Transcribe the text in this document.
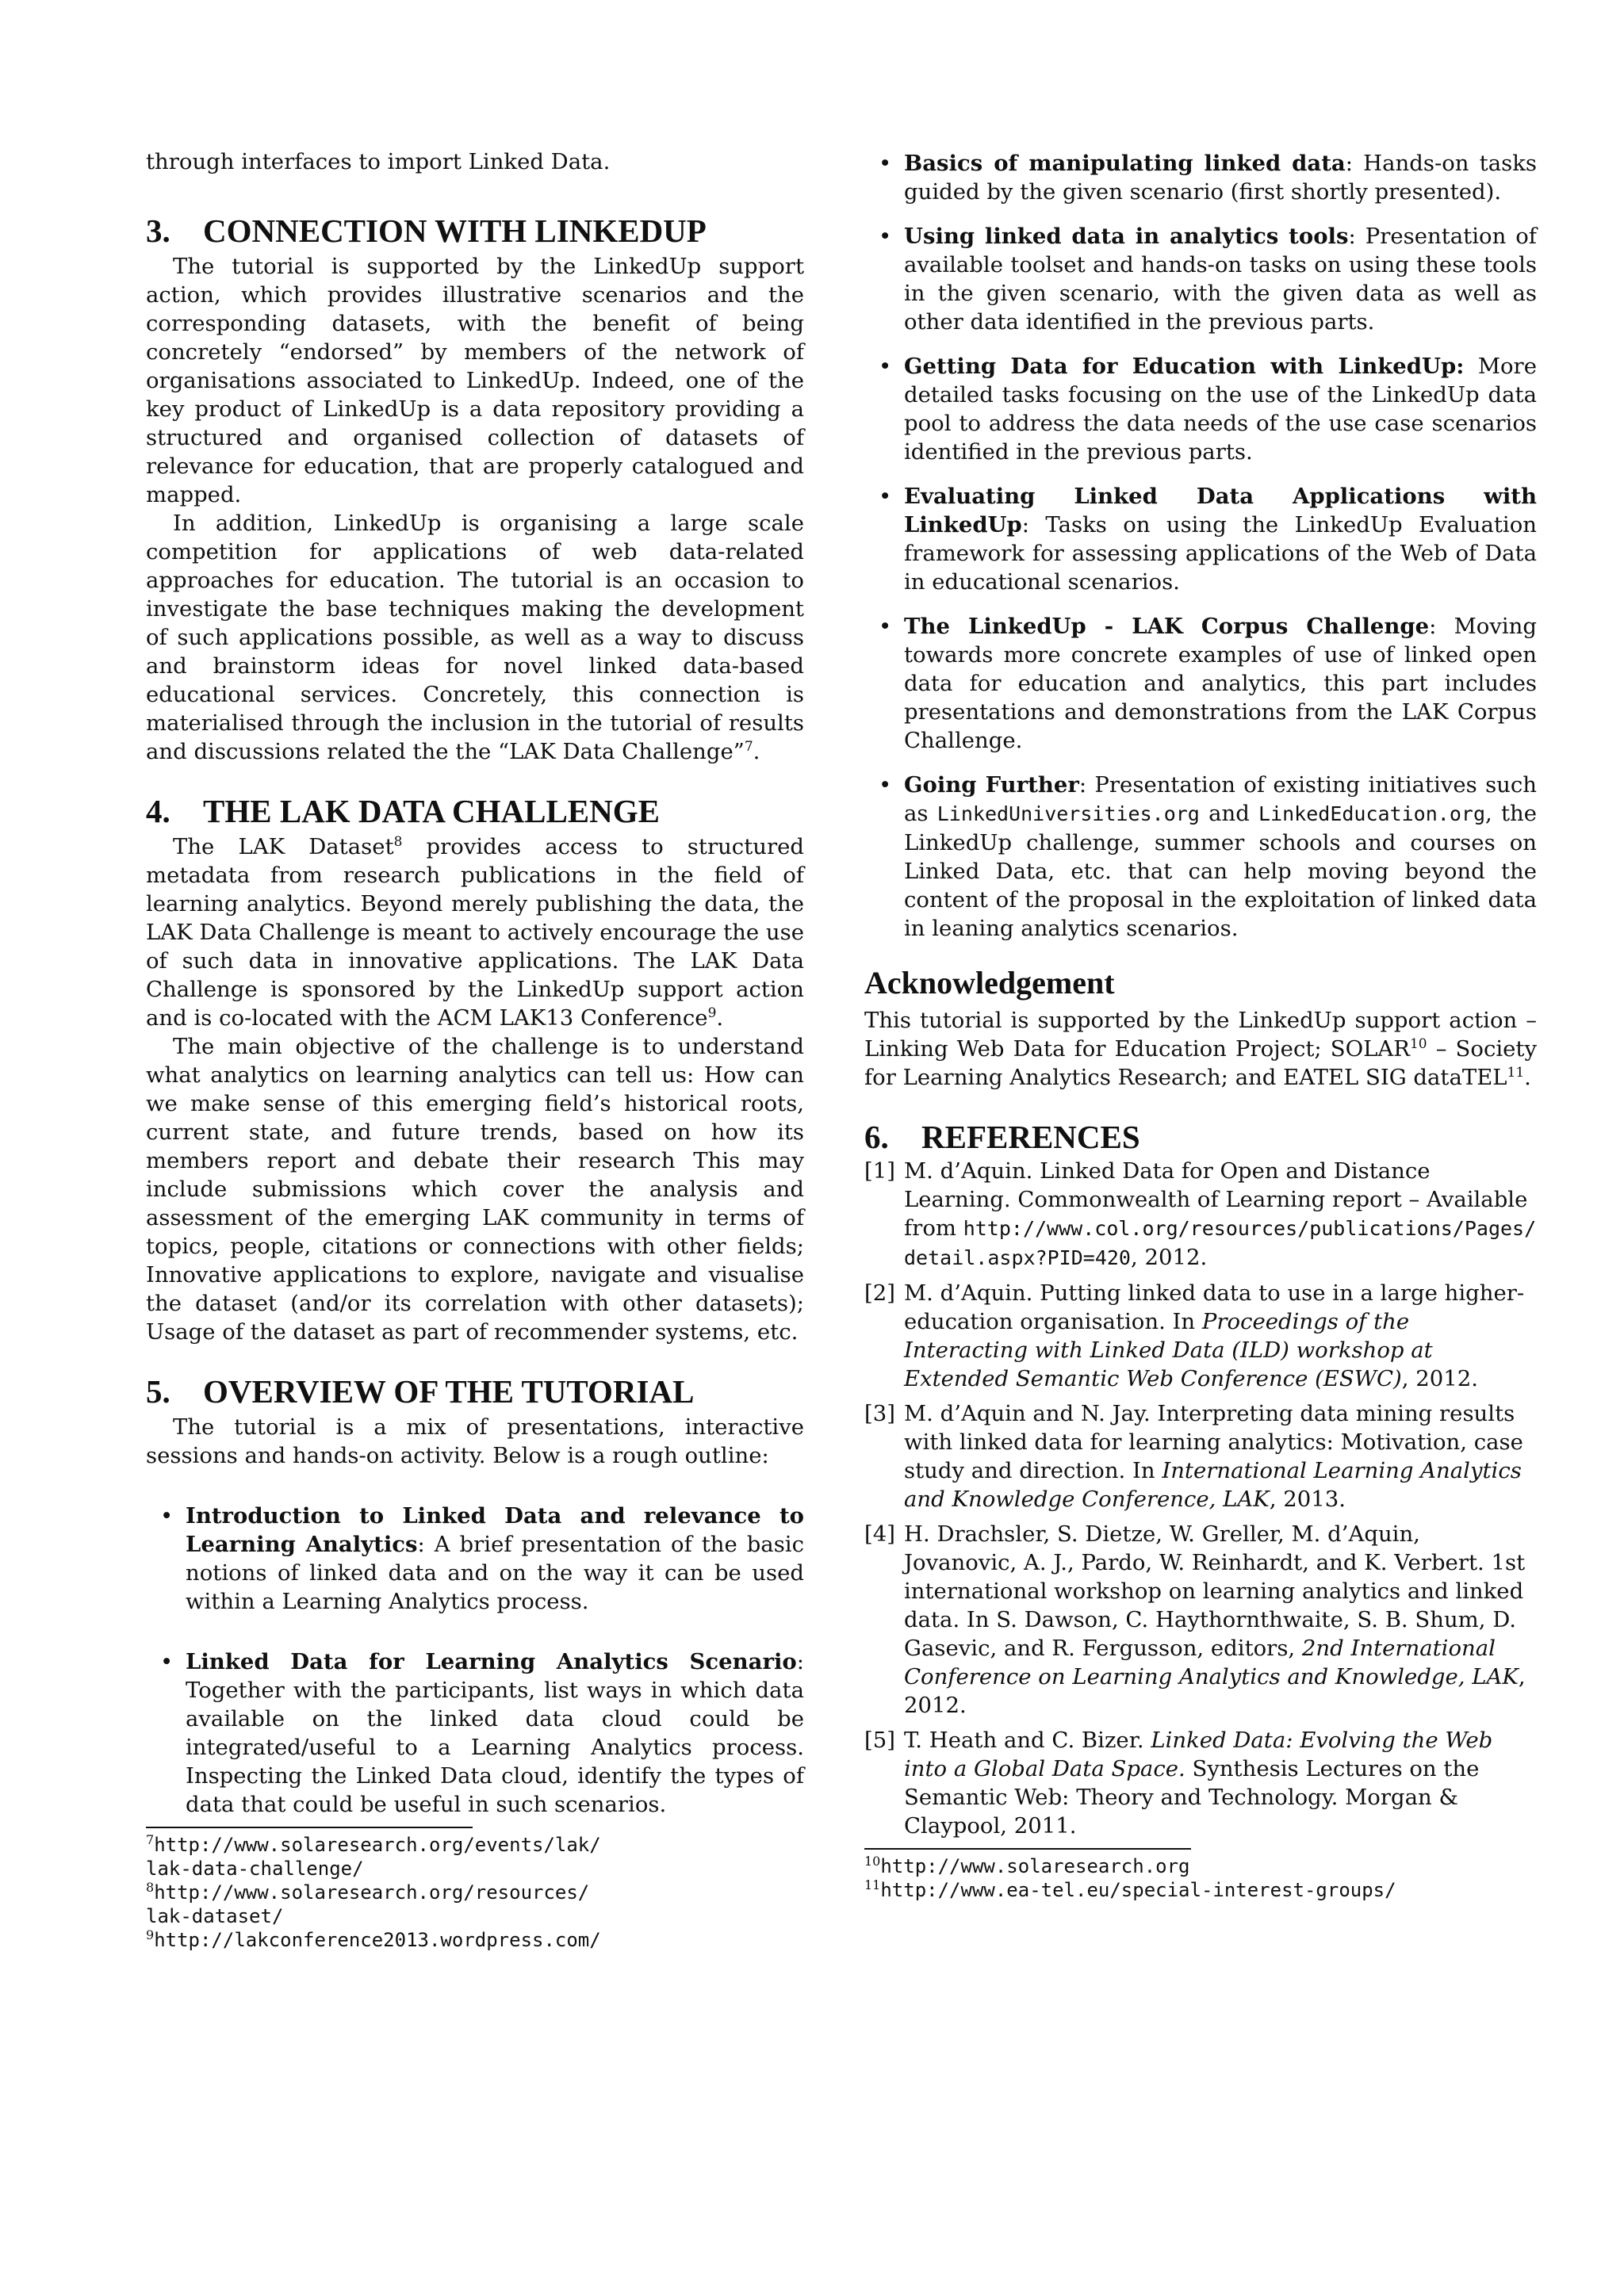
through interfaces to import Linked Data.

3. CONNECTION WITH LINKEDUP

The tutorial is supported by the LinkedUp support action, which provides illustrative scenarios and the corresponding datasets, with the benefit of being concretely “endorsed” by members of the network of organisations associated to LinkedUp. Indeed, one of the key product of LinkedUp is a data repository providing a structured and organised collection of datasets of relevance for education, that are properly catalogued and mapped.

In addition, LinkedUp is organising a large scale competition for applications of web data-related approaches for education. The tutorial is an occasion to investigate the base techniques making the development of such applications possible, as well as a way to discuss and brainstorm ideas for novel linked data-based educational services. Concretely, this connection is materialised through the inclusion in the tutorial of results and discussions related the the “LAK Data Challenge”$^7$.

4. THE LAK DATA CHALLENGE

The LAK Dataset$^8$ provides access to structured metadata from research publications in the field of learning analytics. Beyond merely publishing the data, the LAK Data Challenge is meant to actively encourage the use of such data in innovative applications. The LAK Data Challenge is sponsored by the LinkedUp support action and is co-located with the ACM LAK13 Conference$^9$.

The main objective of the challenge is to understand what analytics on learning analytics can tell us: How can we make sense of this emerging field’s historical roots, current state, and future trends, based on how its members report and debate their research This may include submissions which cover the analysis and assessment of the emerging LAK community in terms of topics, people, citations or connections with other fields; Innovative applications to explore, navigate and visualise the dataset (and/or its correlation with other datasets); Usage of the dataset as part of recommender systems, etc.

5. OVERVIEW OF THE TUTORIAL

The tutorial is a mix of presentations, interactive sessions and hands-on activity. Below is a rough outline:

• Introduction to Linked Data and relevance to Learning Analytics: A brief presentation of the basic notions of linked data and on the way it can be used within a Learning Analytics process.
• Linked Data for Learning Analytics Scenario: Together with the participants, list ways in which data available on the linked data cloud could be integrated/useful to a Learning Analytics process. Inspecting the Linked Data cloud, identify the types of data that could be useful in such scenarios.

$^7$http://www.solaresearch.org/events/lak/
lak-data-challenge/

$^8$http://www.solaresearch.org/resources/
lak-dataset/

$^9$http://lakconference2013.wordpress.com/

• Basics of manipulating linked data: Hands-on tasks guided by the given scenario (first shortly presented).
• Using linked data in analytics tools: Presentation of available toolset and hands-on tasks on using these tools in the given scenario, with the given data as well as other data identified in the previous parts.
• Getting Data for Education with LinkedUp: More detailed tasks focusing on the use of the LinkedUp data pool to address the data needs of the use case scenarios identified in the previous parts.
• Evaluating Linked Data Applications with LinkedUp: Tasks on using the LinkedUp Evaluation framework for assessing applications of the Web of Data in educational scenarios.
• The LinkedUp - LAK Corpus Challenge: Moving towards more concrete examples of use of linked open data for education and analytics, this part includes presentations and demonstrations from the LAK Corpus Challenge.
• Going Further: Presentation of existing initiatives such as LinkedUniversities.org and LinkedEducation.org, the LinkedUp challenge, summer schools and courses on Linked Data, etc. that can help moving beyond the content of the proposal in the exploitation of linked data in leaning analytics scenarios.
Acknowledgement

This tutorial is supported by the LinkedUp support action – Linking Web Data for Education Project; SOLAR$^{10}$ – Society for Learning Analytics Research; and EATEL SIG dataTEL$^{11}$.

6. REFERENCES
[1] M. d’Aquin. Linked Data for Open and Distance Learning. Commonwealth of Learning report – Available from http://www.col.org/resources/publications/Pages/detail.aspx?PID=420, 2012.
[2] M. d’Aquin. Putting linked data to use in a large higher-education organisation. In Proceedings of the Interacting with Linked Data (ILD) workshop at Extended Semantic Web Conference (ESWC), 2012.
[3] M. d’Aquin and N. Jay. Interpreting data mining results with linked data for learning analytics: Motivation, case study and direction. In International Learning Analytics and Knowledge Conference, LAK, 2013.
[4] H. Drachsler, S. Dietze, W. Greller, M. d’Aquin, Jovanovic, A. J., Pardo, W. Reinhardt, and K. Verbert. 1st international workshop on learning analytics and linked data. In S. Dawson, C. Haythornthwaite, S. B. Shum, D. Gasevic, and R. Fergusson, editors, 2nd International Conference on Learning Analytics and Knowledge, LAK, 2012.
[5] T. Heath and C. Bizer. Linked Data: Evolving the Web into a Global Data Space. Synthesis Lectures on the Semantic Web: Theory and Technology. Morgan & Claypool, 2011.

$^{10}$http://www.solaresearch.org

$^{11}$http://www.ea-tel.eu/special-interest-groups/
